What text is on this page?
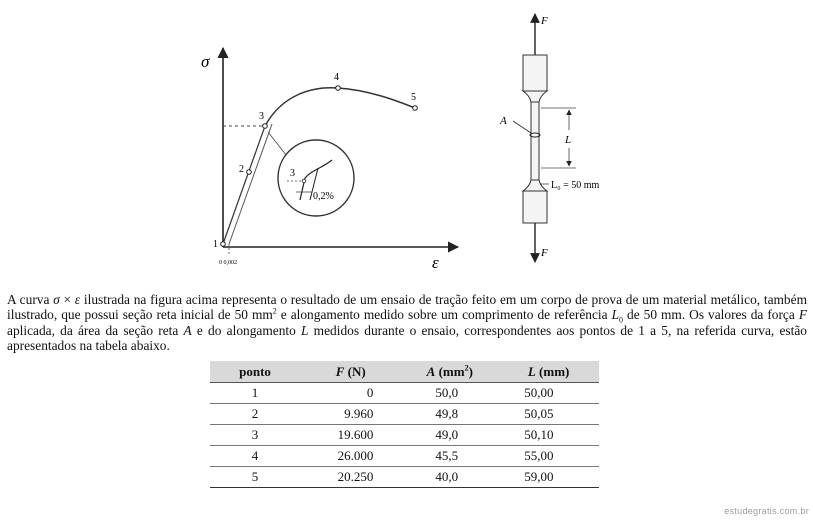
σ
ε
1
2
3
4
5
0 0,002
3
0,2%
F
F
A
L
L₀ = 50 mm

A curva σ × ε ilustrada na figura acima representa o resultado de um ensaio de tração feito em um corpo de prova de um material metálico, também ilustrado, que possui seção reta inicial de 50 $mm^2$ e alongamento medido sobre um comprimento de referência $L_0$ de 50 mm. Os valores da força F aplicada, da área da seção reta A e do alongamento L medidos durante o ensaio, correspondentes aos pontos de 1 a 5, na referida curva, estão apresentados na tabela abaixo.

ponto	F (N)	A $(mm^2)$	L (mm)
1	0	50,0	50,00
2	9.960	49,8	50,05
3	19.600	49,0	50,10
4	26.000	45,5	55,00
5	20.250	40,0	59,00
estudegratis.com.br
